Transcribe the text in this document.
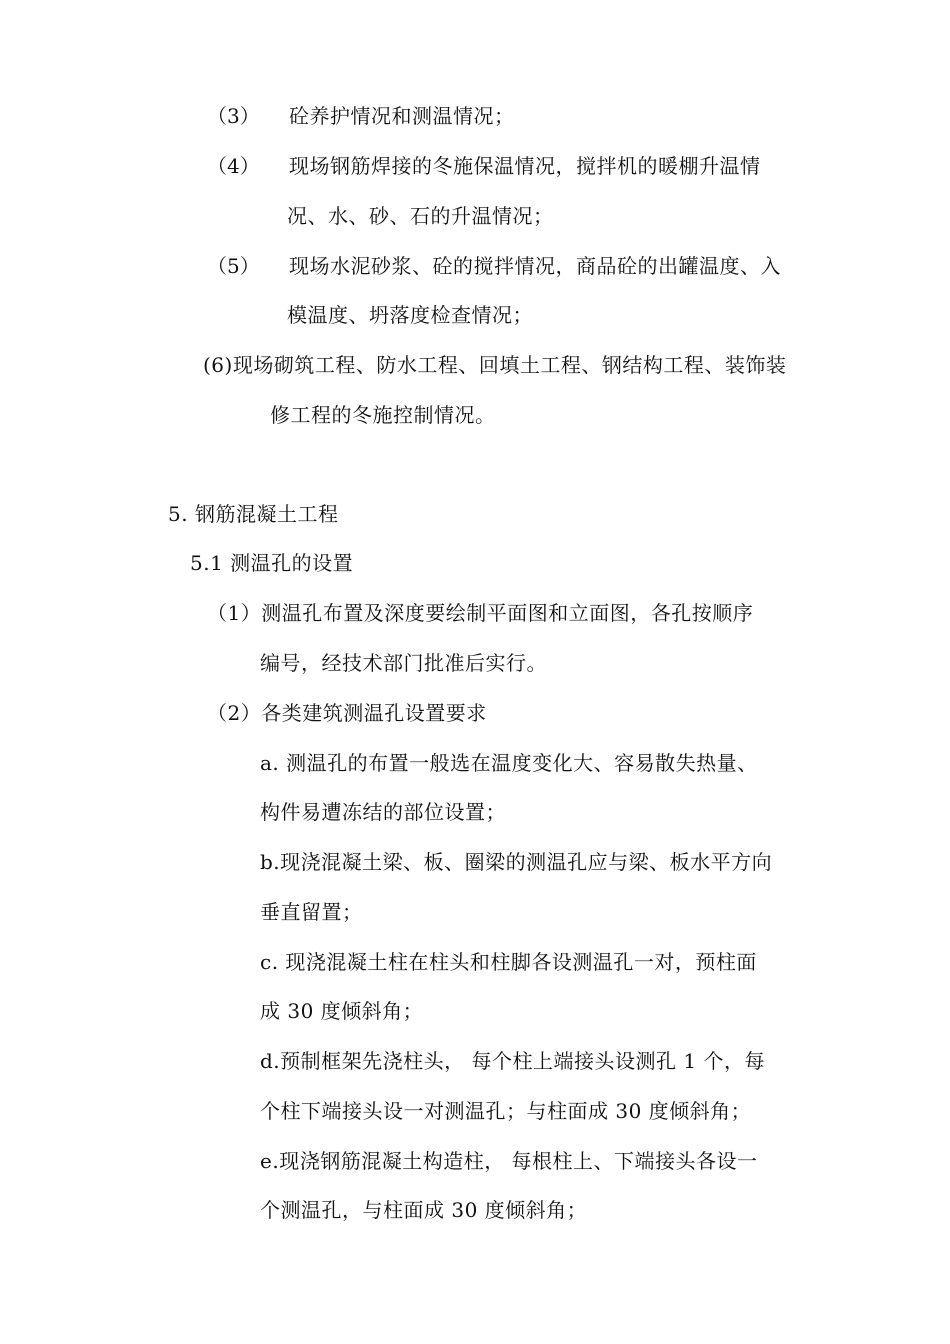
（3） 砼养护情况和测温情况；
（4） 现场钢筋焊接的冬施保温情况，搅拌机的暖棚升温情
况、水、砂、石的升温情况；
（5） 现场水泥砂浆、砼的搅拌情况，商品砼的出罐温度、入
模温度、坍落度检查情况；
(6)现场砌筑工程、防水工程、回填土工程、钢结构工程、装饰装
修工程的冬施控制情况。
5. 钢筋混凝土工程
5.1 测温孔的设置
（1）测温孔布置及深度要绘制平面图和立面图，各孔按顺序
编号，经技术部门批准后实行。
（2）各类建筑测温孔设置要求
a. 测温孔的布置一般选在温度变化大、容易散失热量、
构件易遭冻结的部位设置；
b.现浇混凝土梁、板、圈梁的测温孔应与梁、板水平方向
垂直留置；
c. 现浇混凝土柱在柱头和柱脚各设测温孔一对，预柱面
成 30 度倾斜角；
d.预制框架先浇柱头， 每个柱上端接头设测孔 1 个，每
个柱下端接头设一对测温孔；与柱面成 30 度倾斜角；
e.现浇钢筋混凝土构造柱， 每根柱上、下端接头各设一
个测温孔，与柱面成 30 度倾斜角；
